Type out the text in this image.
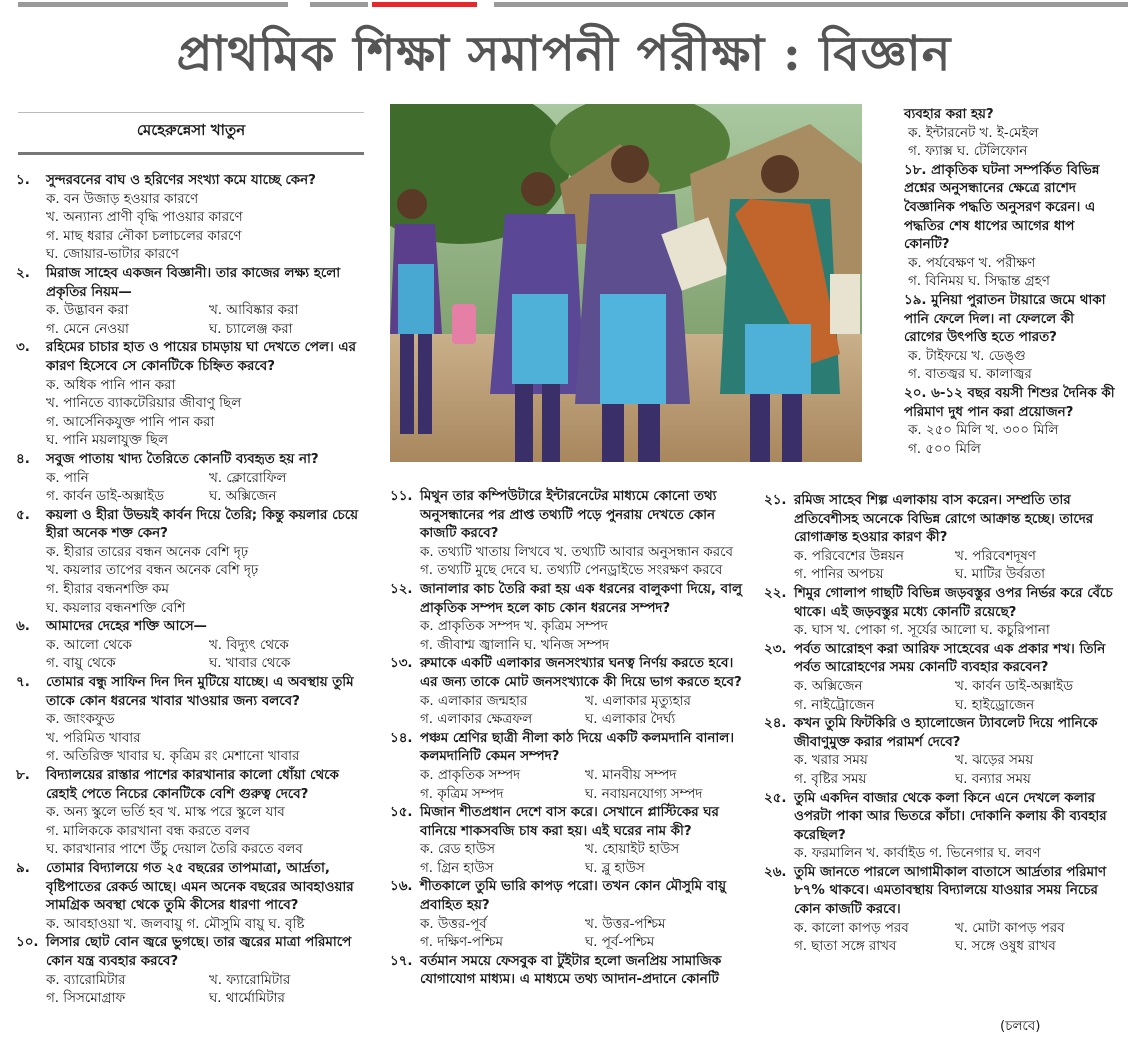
প্রাথমিক শিক্ষা সমাপনী পরীক্ষা : বিজ্ঞান
মেহেরুন্নেসা খাতুন
১.	সুন্দরবনের বাঘ ও হরিণের সংখ্যা কমে যাচ্ছে কেন?
ক. বন উজাড় হওয়ার কারণে
খ. অন্যান্য প্রাণী বৃদ্ধি পাওয়ার কারণে
গ. মাছ ধরার নৌকা চলাচলের কারণে
ঘ. জোয়ার-ভাটার কারণে
২.	মিরাজ সাহেব একজন বিজ্ঞানী। তার কাজের লক্ষ্য হলো প্রকৃতির নিয়ম—
ক. উদ্ভাবন করা	খ. আবিষ্কার করা
গ. মেনে নেওয়া	ঘ. চ্যালেঞ্জ করা
৩.	রহিমের চাচার হাত ও পায়ের চামড়ায় ঘা দেখতে পেল। এর কারণ হিসেবে সে কোনটিকে চিহ্নিত করবে?
ক. অধিক পানি পান করা
খ. পানিতে ব্যাকটেরিয়ার জীবাণু ছিল
গ. আর্সেনিকযুক্ত পানি পান করা
ঘ. পানি ময়লাযুক্ত ছিল
৪.	সবুজ পাতায় খাদ্য তৈরিতে কোনটি ব্যবহৃত হয় না?
ক. পানি	খ. ক্লোরোফিল
গ. কার্বন ডাই-অক্সাইড	ঘ. অক্সিজেন
৫.	কয়লা ও হীরা উভয়ই কার্বন দিয়ে তৈরি; কিন্তু কয়লার চেয়ে হীরা অনেক শক্ত কেন?
ক. হীরার তারের বন্ধন অনেক বেশি দৃঢ়
খ. কয়লার তাপের বন্ধন অনেক বেশি দৃঢ়
গ. হীরার বন্ধনশক্তি কম
ঘ. কয়লার বন্ধনশক্তি বেশি
৬.	আমাদের দেহের শক্তি আসে—
ক. আলো থেকে	খ. বিদ্যুৎ থেকে
গ. বায়ু থেকে	ঘ. খাবার থেকে
৭.	তোমার বন্ধু সাফিন দিন দিন মুটিয়ে যাচ্ছে। এ অবস্থায় তুমি তাকে কোন ধরনের খাবার খাওয়ার জন্য বলবে?
ক. জাংকফুড
খ. পরিমিত খাবার
গ. অতিরিক্ত খাবার ঘ. কৃত্রিম রং মেশানো খাবার
৮.	বিদ্যালয়ের রাস্তার পাশের কারখানার কালো ধোঁয়া থেকে রেহাই পেতে নিচের কোনটিকে বেশি গুরুত্ব দেবে?
ক. অন্য স্কুলে ভর্তি হব খ. মাস্ক পরে স্কুলে যাব
গ. মালিককে কারখানা বন্ধ করতে বলব
ঘ. কারখানার পাশে উঁচু দেয়াল তৈরি করতে বলব
৯.	তোমার বিদ্যালয়ে গত ২৫ বছরের তাপমাত্রা, আর্দ্রতা, বৃষ্টিপাতের রেকর্ড আছে। এমন অনেক বছরের আবহাওয়ার সামগ্রিক অবস্থা থেকে তুমি কীসের ধারণা পাবে?
ক. আবহাওয়া খ. জলবায়ু গ. মৌসুমি বায়ু ঘ. বৃষ্টি
১০. লিসার ছোট বোন জ্বরে ভুগছে। তার জ্বরের মাত্রা পরিমাপে কোন যন্ত্র ব্যবহার করবে?
ক. ব্যারোমিটার	খ. ফ্যারোমিটার
গ. সিসমোগ্রাফ	ঘ. থার্মোমিটার
ব্যবহার করা হয়?
ক. ইন্টারনেট খ. ই-মেইল
গ. ফ্যাক্স ঘ. টেলিফোন
১৮. প্রাকৃতিক ঘটনা সম্পর্কিত বিভিন্ন প্রশ্নের অনুসন্ধানের ক্ষেত্রে রাশেদ বৈজ্ঞানিক পদ্ধতি অনুসরণ করেন। এ পদ্ধতির শেষ ধাপের আগের ধাপ কোনটি?
ক. পর্যবেক্ষণ খ. পরীক্ষণ
গ. বিনিময় ঘ. সিদ্ধান্ত গ্রহণ
১৯. মুনিয়া পুরাতন টায়ারে জমে থাকা পানি ফেলে দিল। না ফেললে কী রোগের উৎপত্তি হতে পারত?
ক. টাইফয়ে খ. ডেঙ্গু
গ. বাতজ্বর ঘ. কালাজ্বর
২০. ৬-১২ বছর বয়সী শিশুর দৈনিক কী পরিমাণ দুধ পান করা প্রয়োজন?
ক. ২৫০ মিলি খ. ৩০০ মিলি
গ. ৫০০ মিলি
১১. মিথুন তার কম্পিউটারে ইন্টারনেটের মাধ্যমে কোনো তথ্য অনুসন্ধানের পর প্রাপ্ত তথ্যটি পড়ে পুনরায় দেখতে কোন কাজটি করবে?
ক. তথ্যটি খাতায় লিখবে খ. তথ্যটি আবার অনুসন্ধান করবে
গ. তথ্যটি মুছে দেবে ঘ. তথ্যটি পেনড্রাইভে সংরক্ষণ করবে
১২. জানালার কাচ তৈরি করা হয় এক ধরনের বালুকণা দিয়ে, বালু প্রাকৃতিক সম্পদ হলে কাচ কোন ধরনের সম্পদ?
ক. প্রাকৃতিক সম্পদ খ. কৃত্রিম সম্পদ
গ. জীবাশ্ম জ্বালানি ঘ. খনিজ সম্পদ
১৩. রুমাকে একটি এলাকার জনসংখ্যার ঘনত্ব নির্ণয় করতে হবে। এর জন্য তাকে মোট জনসংখ্যাকে কী দিয়ে ভাগ করতে হবে?
ক. এলাকার জন্মহার	খ. এলাকার মৃত্যুহার
গ. এলাকার ক্ষেত্রফল	ঘ. এলাকার দৈর্ঘ্য
১৪. পঞ্চম শ্রেণির ছাত্রী নীলা কাঠ দিয়ে একটি কলমদানি বানাল। কলমদানিটি কেমন সম্পদ?
ক. প্রাকৃতিক সম্পদ	খ. মানবীয় সম্পদ
গ. কৃত্রিম সম্পদ	ঘ. নবায়নযোগ্য সম্পদ
১৫. মিজান শীতপ্রধান দেশে বাস করে। সেখানে প্লাস্টিকের ঘর বানিয়ে শাকসবজি চাষ করা হয়। এই ঘরের নাম কী?
ক. রেড হাউস	খ. হোয়াইট হাউস
গ. গ্রিন হাউস	ঘ. ব্লু হাউস
১৬. শীতকালে তুমি ভারি কাপড় পরো। তখন কোন মৌসুমি বায়ু প্রবাহিত হয়?
ক. উত্তর-পূর্ব	খ. উত্তর-পশ্চিম
গ. দক্ষিণ-পশ্চিম	ঘ. পূর্ব-পশ্চিম
১৭. বর্তমান সময়ে ফেসবুক বা টুইটার হলো জনপ্রিয় সামাজিক যোগাযোগ মাধ্যম। এ মাধ্যমে তথ্য আদান-প্রদানে কোনটি
২১. রমিজ সাহেব শিল্প এলাকায় বাস করেন। সম্প্রতি তার প্রতিবেশীসহ অনেকে বিভিন্ন রোগে আক্রান্ত হচ্ছে। তাদের রোগাক্রান্ত হওয়ার কারণ কী?
ক. পরিবেশের উন্নয়ন	খ. পরিবেশদূষণ
গ. পানির অপচয়	ঘ. মাটির উর্বরতা
২২. শিমুর গোলাপ গাছটি বিভিন্ন জড়বস্তুর ওপর নির্ভর করে বেঁচে থাকে। এই জড়বস্তুর মধ্যে কোনটি রয়েছে?
ক. ঘাস খ. পোকা গ. সূর্যের আলো ঘ. কচুরিপানা
২৩. পর্বত আরোহণ করা আরিফ সাহেবের এক প্রকার শখ। তিনি পর্বত আরোহণের সময় কোনটি ব্যবহার করবেন?
ক. অক্সিজেন	খ. কার্বন ডাই-অক্সাইড
গ. নাইট্রোজেন	ঘ. হাইড্রোজেন
২৪. কখন তুমি ফিটকিরি ও হ্যালোজেন ট্যাবলেট দিয়ে পানিকে জীবাণুমুক্ত করার পরামর্শ দেবে?
ক. খরার সময়	খ. ঝড়ের সময়
গ. বৃষ্টির সময়	ঘ. বন্যার সময়
২৫. তুমি একদিন বাজার থেকে কলা কিনে এনে দেখলে কলার ওপরটা পাকা আর ভিতরে কাঁচা। দোকানি কলায় কী ব্যবহার করেছিল?
ক. ফরমালিন খ. কার্বাইড গ. ভিনেগার ঘ. লবণ
২৬. তুমি জানতে পারলে আগামীকাল বাতাসে আর্দ্রতার পরিমাণ ৮৭% থাকবে। এমতাবস্থায় বিদ্যালয়ে যাওয়ার সময় নিচের কোন কাজটি করবে।
ক. কালো কাপড় পরব	খ. মোটা কাপড় পরব
গ. ছাতা সঙ্গে রাখব	ঘ. সঙ্গে ওষুধ রাখব
(চলবে)
